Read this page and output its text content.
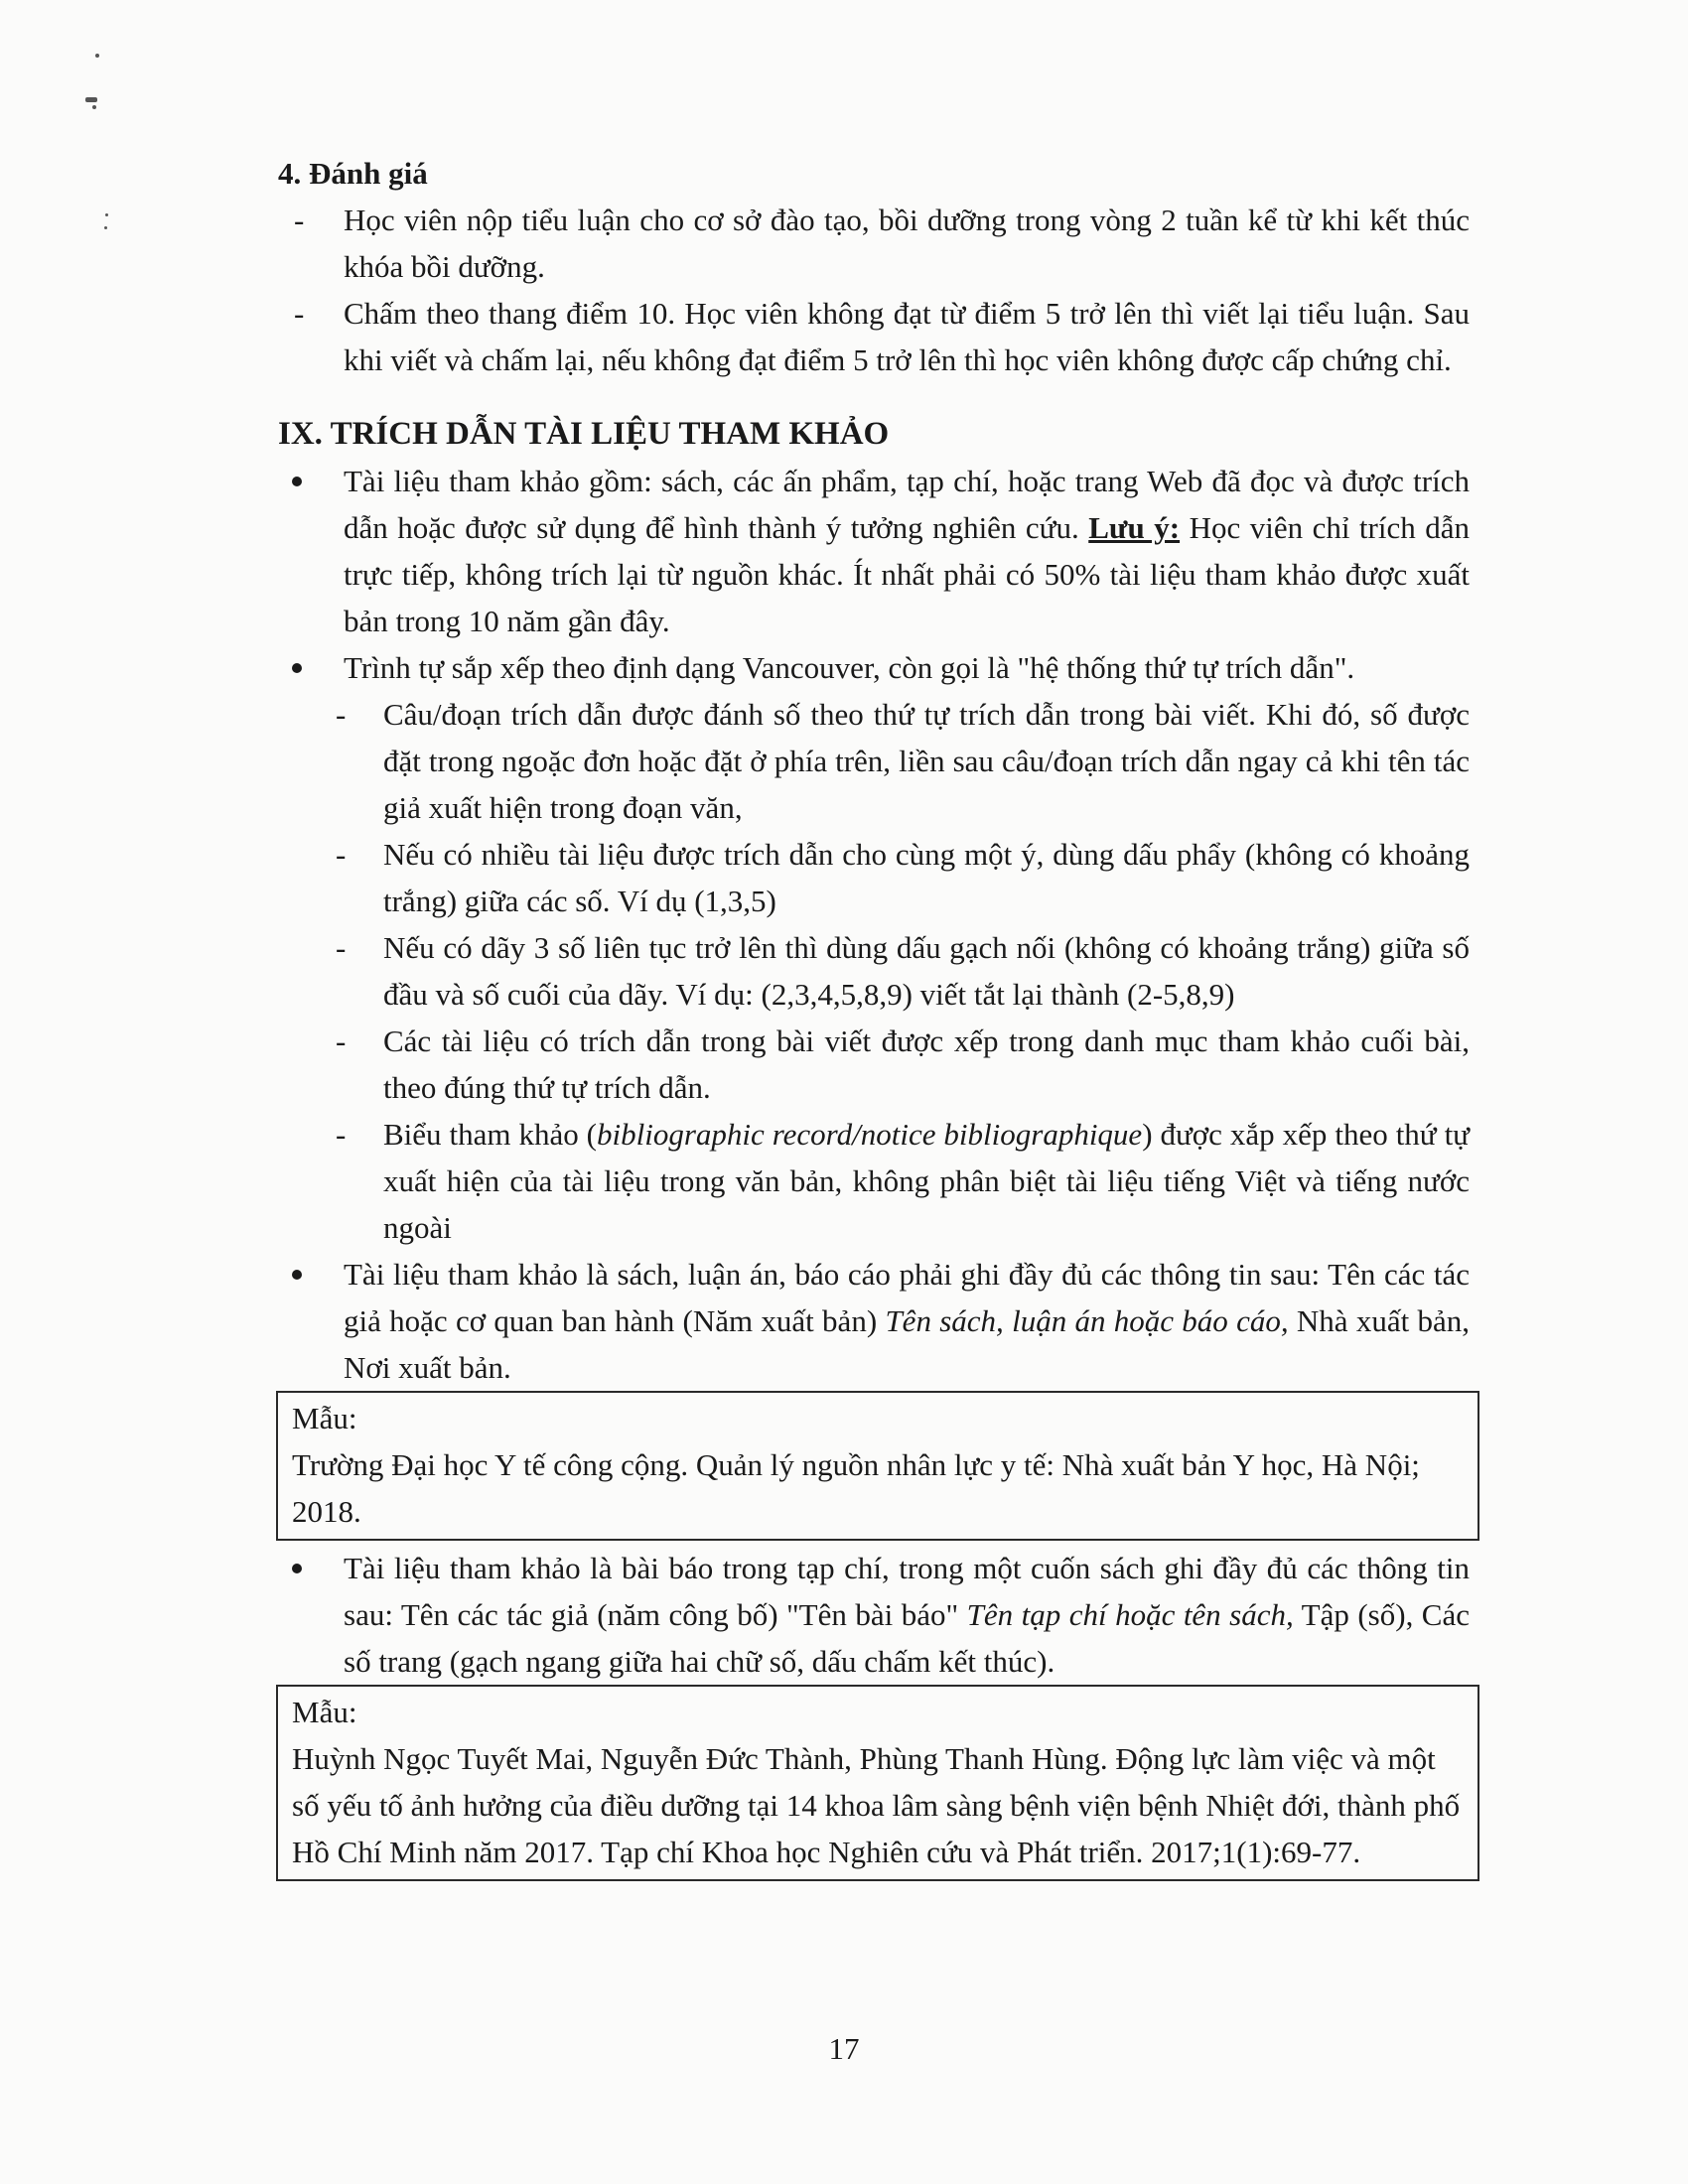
4. Đánh giá

- Học viên nộp tiểu luận cho cơ sở đào tạo, bồi dưỡng trong vòng 2 tuần kể từ khi kết thúc khóa bồi dưỡng.

- Chấm theo thang điểm 10. Học viên không đạt từ điểm 5 trở lên thì viết lại tiểu luận. Sau khi viết và chấm lại, nếu không đạt điểm 5 trở lên thì học viên không được cấp chứng chỉ.

IX. TRÍCH DẪN TÀI LIỆU THAM KHẢO

Tài liệu tham khảo gồm: sách, các ấn phẩm, tạp chí, hoặc trang Web đã đọc và được trích dẫn hoặc được sử dụng để hình thành ý tưởng nghiên cứu. Lưu ý: Học viên chỉ trích dẫn trực tiếp, không trích lại từ nguồn khác. Ít nhất phải có 50% tài liệu tham khảo được xuất bản trong 10 năm gần đây.

Trình tự sắp xếp theo định dạng Vancouver, còn gọi là "hệ thống thứ tự trích dẫn".

- Câu/đoạn trích dẫn được đánh số theo thứ tự trích dẫn trong bài viết. Khi đó, số được đặt trong ngoặc đơn hoặc đặt ở phía trên, liền sau câu/đoạn trích dẫn ngay cả khi tên tác giả xuất hiện trong đoạn văn,

- Nếu có nhiều tài liệu được trích dẫn cho cùng một ý, dùng dấu phẩy (không có khoảng trắng) giữa các số. Ví dụ (1,3,5)

- Nếu có dãy 3 số liên tục trở lên thì dùng dấu gạch nối (không có khoảng trắng) giữa số đầu và số cuối của dãy. Ví dụ: (2,3,4,5,8,9) viết tắt lại thành (2-5,8,9)

- Các tài liệu có trích dẫn trong bài viết được xếp trong danh mục tham khảo cuối bài, theo đúng thứ tự trích dẫn.

- Biểu tham khảo (bibliographic record/notice bibliographique) được xắp xếp theo thứ tự xuất hiện của tài liệu trong văn bản, không phân biệt tài liệu tiếng Việt và tiếng nước ngoài

Tài liệu tham khảo là sách, luận án, báo cáo phải ghi đầy đủ các thông tin sau: Tên các tác giả hoặc cơ quan ban hành (Năm xuất bản) Tên sách, luận án hoặc báo cáo, Nhà xuất bản, Nơi xuất bản.

Mẫu:

Trường Đại học Y tế công cộng. Quản lý nguồn nhân lực y tế: Nhà xuất bản Y học, Hà Nội; 2018.

Tài liệu tham khảo là bài báo trong tạp chí, trong một cuốn sách ghi đầy đủ các thông tin sau: Tên các tác giả (năm công bố) "Tên bài báo" Tên tạp chí hoặc tên sách, Tập (số), Các số trang (gạch ngang giữa hai chữ số, dấu chấm kết thúc).

Mẫu:

Huỳnh Ngọc Tuyết Mai, Nguyễn Đức Thành, Phùng Thanh Hùng. Động lực làm việc và một số yếu tố ảnh hưởng của điều dưỡng tại 14 khoa lâm sàng bệnh viện bệnh Nhiệt đới, thành phố Hồ Chí Minh năm 2017. Tạp chí Khoa học Nghiên cứu và Phát triển. 2017;1(1):69-77.

17
